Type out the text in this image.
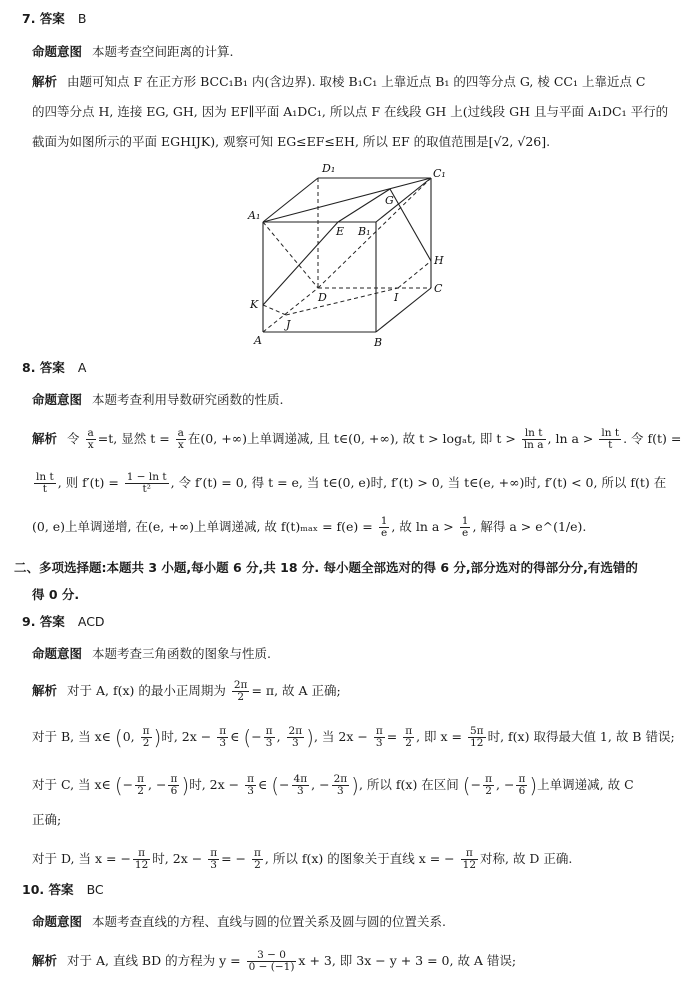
7. 答案 B
命题意图 本题考查空间距离的计算.
解析 由题可知点 F 在正方形 BCC₁B₁ 内(含边界). 取棱 B₁C₁ 上靠近点 B₁ 的四等分点 G, 棱 CC₁ 上靠近点 C
的四等分点 H, 连接 EG, GH, 因为 EF∥平面 A₁DC₁, 所以点 F 在线段 GH 上(过线段 GH 且与平面 A₁DC₁ 平行的
截面为如图所示的平面 EGHIJK), 观察可知 EG≤EF≤EH, 所以 EF 的取值范围是[√2, √26].
D₁	C₁
A₁
G
E B₁
H
K
D	I
C
J
A	B
8. 答案 A
命题意图 本题考查利用导数研究函数的性质.
解析 令 $\frac{a}{x} =t$, 显然 $t = \frac{a}{x}$ 在(0, +∞)上单调递减, 且 t∈(0, +∞), 故 t > logₐt, 即 $t > \frac{\text{ln t}}{\text{ln a}}$ , $\ln a > \frac{\text{ln t}}{t}$ . 令 f(t) =
$\frac{\text{ln t}}{t}$ , 则 $f'(t) = \frac{\text{1 − ln t}}{\text{t²}}$ , 令 f′(t) = 0, 得 t = e, 当 t∈(0, e)时, f′(t) > 0, 当 t∈(e, +∞)时, f′(t) < 0, 所以 f(t) 在
(0, e)上单调递增, 在(e, +∞)上单调递减, 故 $f(t)_{max} = f(e) = \frac{1}{e}$ , 故 $\ln a > \frac{1}{e}$ , 解得 a > e^(1/e).
二、多项选择题:本题共 3 小题,每小题 6 分,共 18 分. 每小题全部选对的得 6 分,部分选对的得部分分,有选错的
得 0 分.
9. 答案 ACD
命题意图 本题考查三角函数的图象与性质.
解析 对于 A, f(x) 的最小正周期为 $\frac{2\pi}{2} = \pi$, 故 A 正确;
对于 B, 当 x∈ (0, $\frac{\pi}{2}$ )时, $2x - \frac{\pi}{3}$ ∈ (− $\frac{\pi}{3}$ , $\frac{2\pi}{3}$ ), 当 $2x - \frac{\pi}{3} = \frac{\pi}{2}$ , 即 $x = \frac{5\pi}{12}$ 时, f(x) 取得最大值 1, 故 B 错误;
对于 C, 当 x∈ (− $\frac{\pi}{2}$ , − $\frac{\pi}{6}$ )时, $2x - \frac{\pi}{3}$ ∈ (− $\frac{4\pi}{3}$ , − $\frac{2\pi}{3}$ ), 所以 f(x) 在区间 (− $\frac{\pi}{2}$ , − $\frac{\pi}{6}$ )上单调递减, 故 C
正确;
对于 D, 当 x = − $\frac{\pi}{12}$ 时, $2x - \frac{\pi}{3}$ = − $\frac{\pi}{2}$ , 所以 f(x) 的图象关于直线 x = − $\frac{\pi}{12}$ 对称, 故 D 正确.
10. 答案 BC
命题意图 本题考查直线的方程、直线与圆的位置关系及圆与圆的位置关系.
解析 对于 A, 直线 BD 的方程为 $y = \frac{3 - 0}{0 - (-1)}$ x + 3, 即 3x − y + 3 = 0, 故 A 错误;
